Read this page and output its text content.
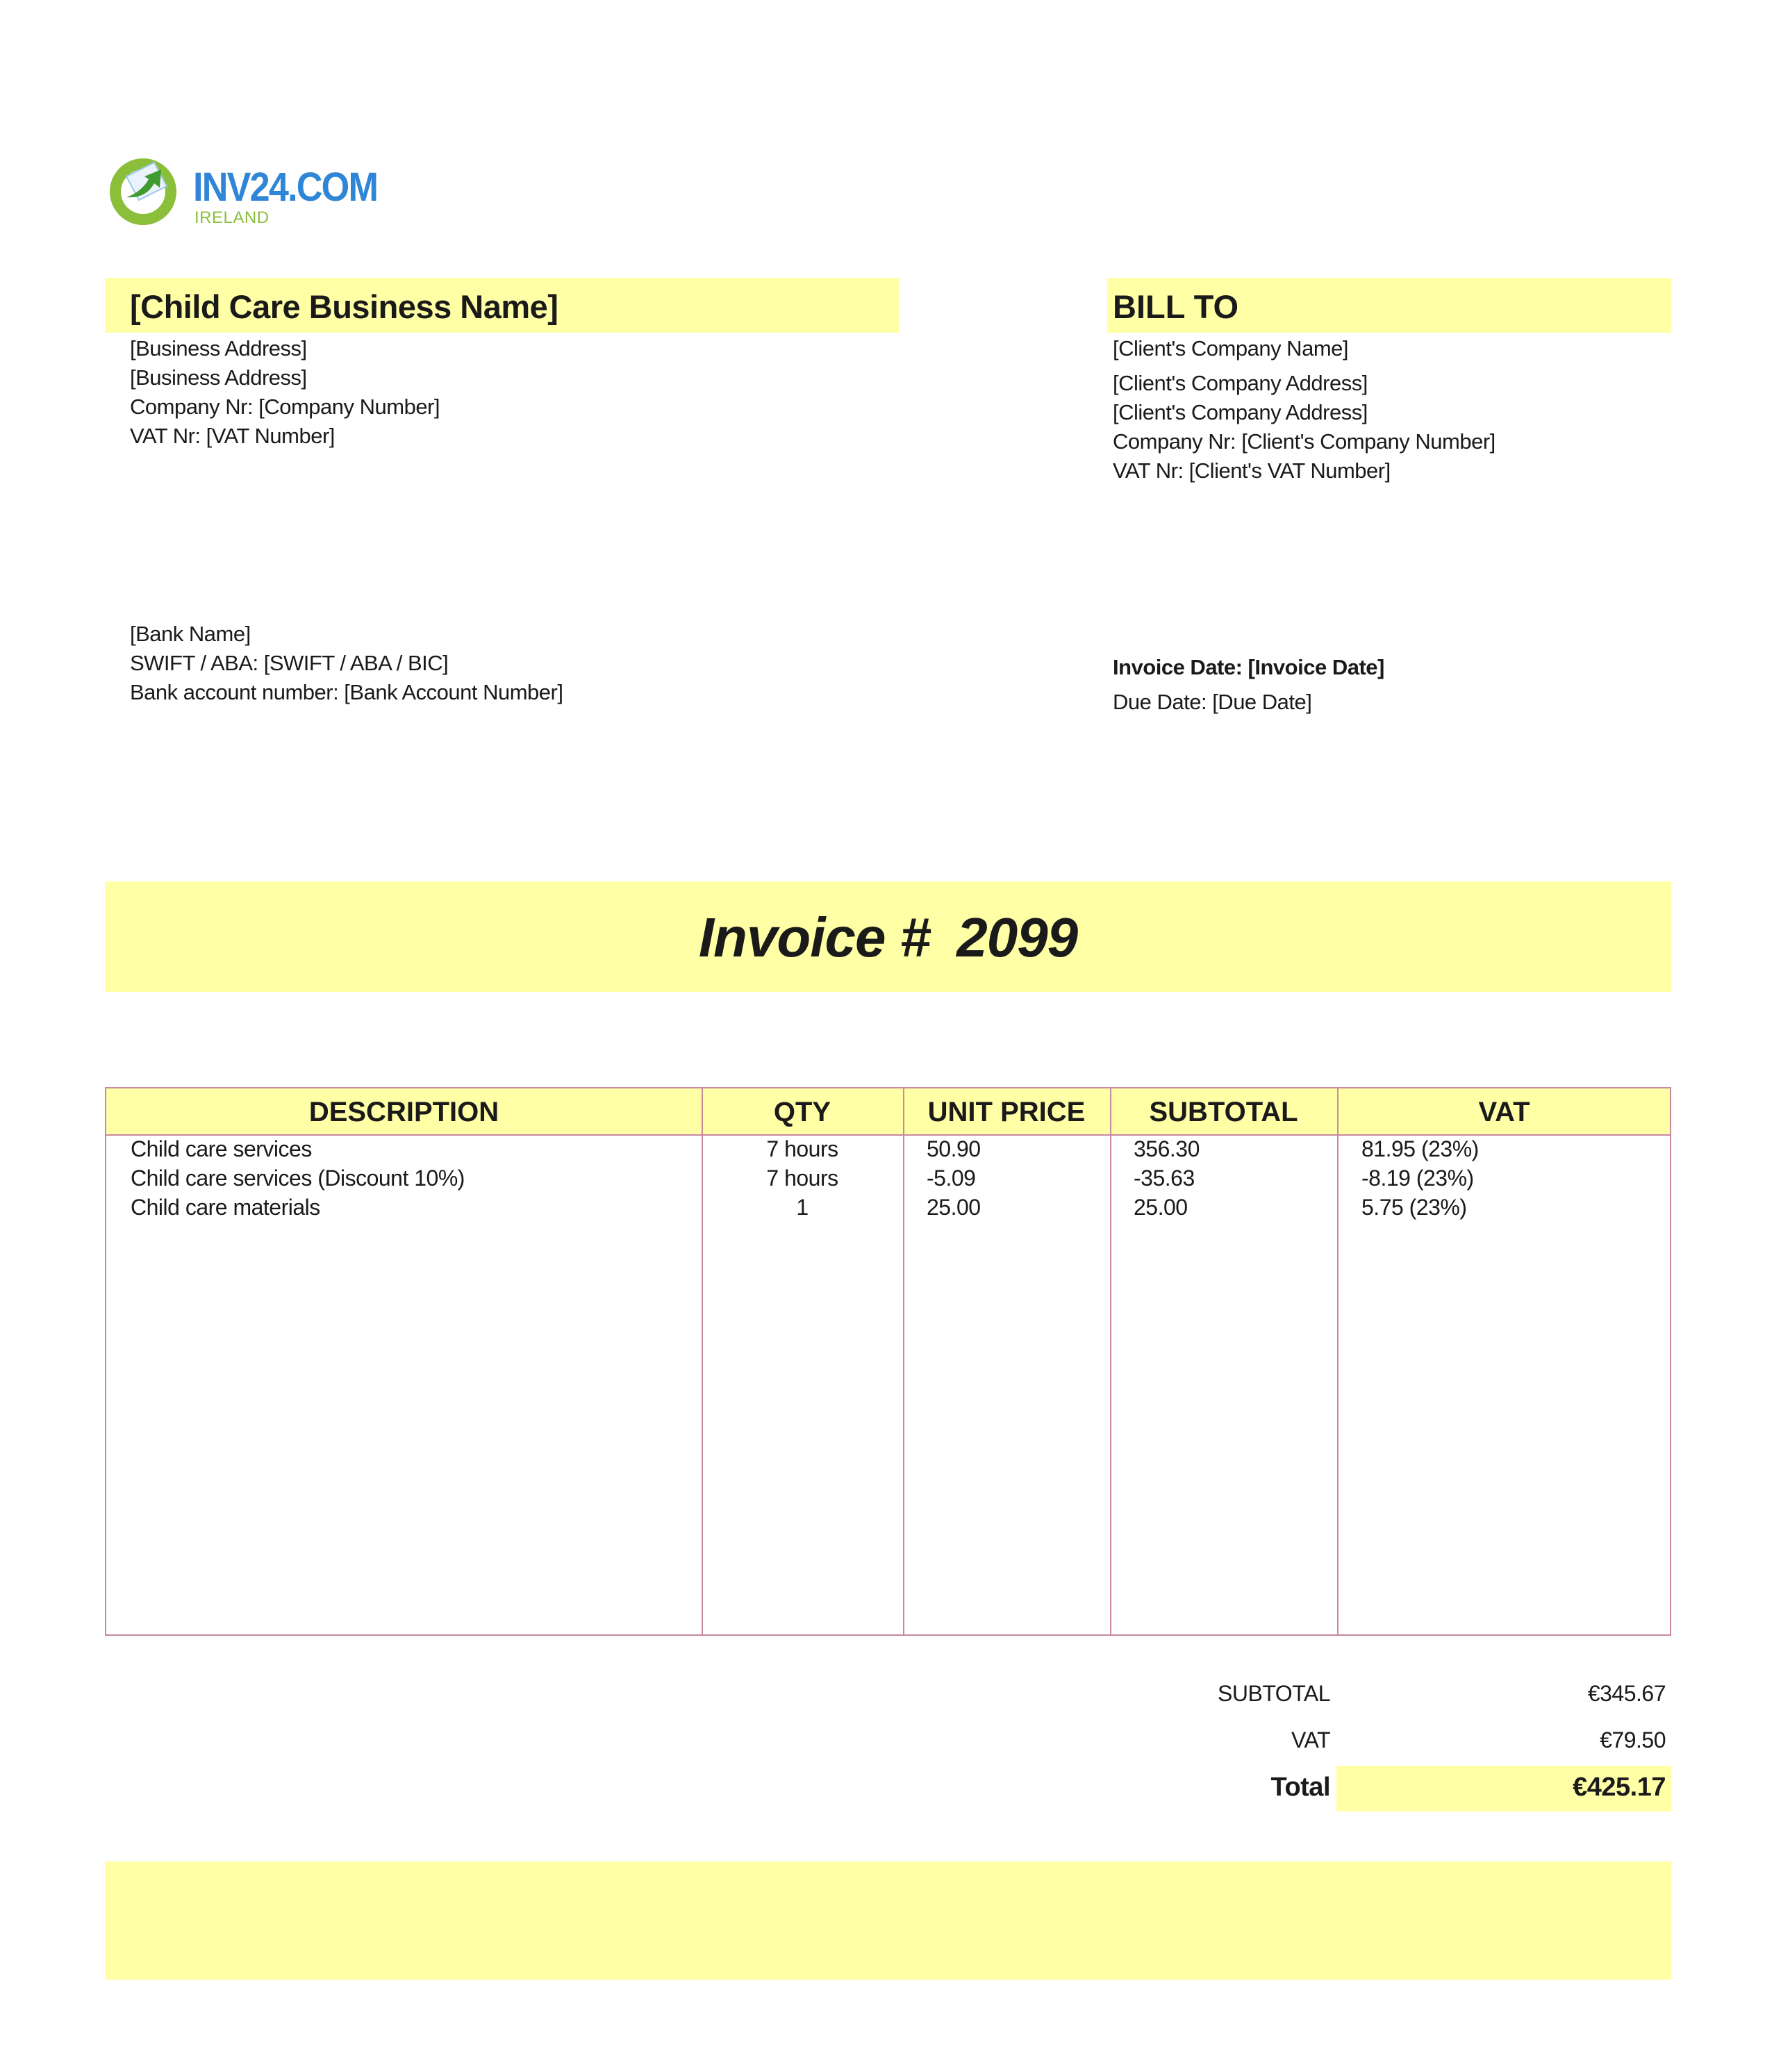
INV24.COM
IRELAND
[Child Care Business Name]
[Business Address]
[Business Address]
Company Nr: [Company Number]
VAT Nr: [VAT Number]
BILL TO
[Client's Company Name]
[Client's Company Address]
[Client's Company Address]
Company Nr: [Client's Company Number]
VAT Nr: [Client's VAT Number]
[Bank Name]
SWIFT / ABA: [SWIFT / ABA / BIC]
Bank account number: [Bank Account Number]
Invoice Date: [Invoice Date]
Due Date: [Due Date]
Invoice # 2099
DESCRIPTION	QTY	UNIT PRICE	SUBTOTAL	VAT
Child care services	7 hours	50.90	356.30	81.95 (23%)
Child care services (Discount 10%)	7 hours	-5.09	-35.63	-8.19 (23%)
Child care materials	1	25.00	25.00	5.75 (23%)
SUBTOTAL	€345.67
VAT	€79.50
Total	€425.17
